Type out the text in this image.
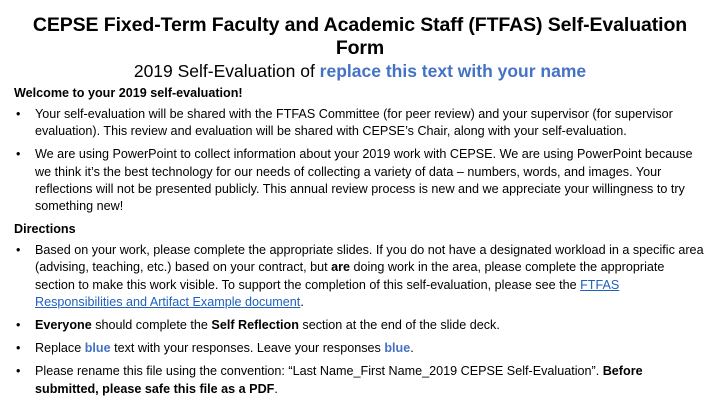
CEPSE Fixed-Term Faculty and Academic Staff (FTFAS) Self-Evaluation Form

2019 Self-Evaluation of replace this text with your name

Welcome to your 2019 self-evaluation!
• Your self-evaluation will be shared with the FTFAS Committee (for peer review) and your supervisor (for supervisor evaluation). This review and evaluation will be shared with CEPSE’s Chair, along with your self-evaluation.
• We are using PowerPoint to collect information about your 2019 work with CEPSE. We are using PowerPoint because we think it’s the best technology for our needs of collecting a variety of data – numbers, words, and images. Your reflections will not be presented publicly. This annual review process is new and we appreciate your willingness to try something new!
Directions
• Based on your work, please complete the appropriate slides. If you do not have a designated workload in a specific area (advising, teaching, etc.) based on your contract, but are doing work in the area, please complete the appropriate section to make this work visible. To support the completion of this self-evaluation, please see the FTFAS Responsibilities and Artifact Example document.
• Everyone should complete the Self Reflection section at the end of the slide deck.
• Replace blue text with your responses. Leave your responses blue.
• Please rename this file using the convention: “Last Name_First Name_2019 CEPSE Self-Evaluation”. Before submitted, please safe this file as a PDF.
